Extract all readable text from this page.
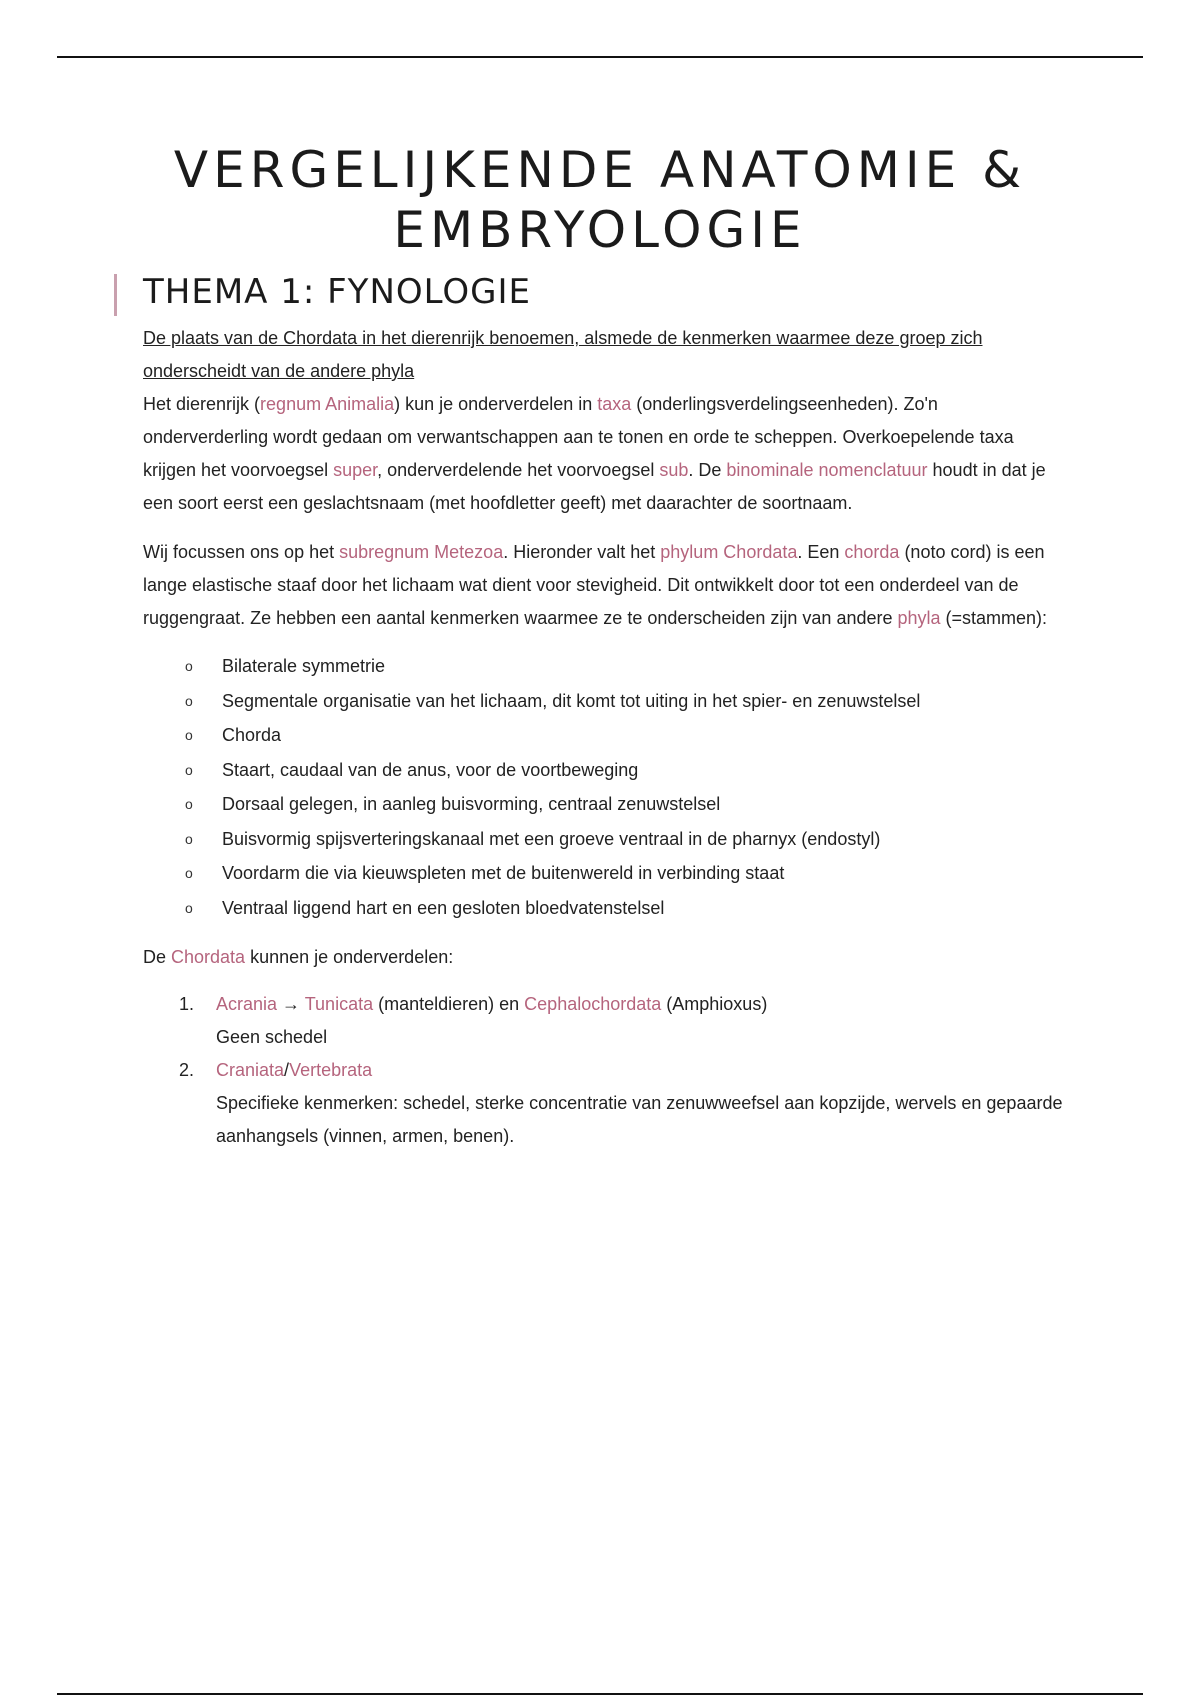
VERGELIJKENDE ANATOMIE &
EMBRYOLOGIE
THEMA 1: FYNOLOGIE

De plaats van de Chordata in het dierenrijk benoemen, alsmede de kenmerken waarmee deze groep zich onderscheidt van de andere phyla

Het dierenrijk (regnum Animalia) kun je onderverdelen in taxa (onderlingsverdelingseenheden). Zo'n onderverderling wordt gedaan om verwantschappen aan te tonen en orde te scheppen. Overkoepelende taxa krijgen het voorvoegsel super, onderverdelende het voorvoegsel sub. De binominale nomenclatuur houdt in dat je een soort eerst een geslachtsnaam (met hoofdletter geeft) met daarachter de soortnaam.

Wij focussen ons op het subregnum Metezoa. Hieronder valt het phylum Chordata. Een chorda (noto cord) is een lange elastische staaf door het lichaam wat dient voor stevigheid. Dit ontwikkelt door tot een onderdeel van de ruggengraat. Ze hebben een aantal kenmerken waarmee ze te onderscheiden zijn van andere phyla (=stammen):

o Bilaterale symmetrie
o Segmentale organisatie van het lichaam, dit komt tot uiting in het spier- en zenuwstelsel
o Chorda
o Staart, caudaal van de anus, voor de voortbeweging
o Dorsaal gelegen, in aanleg buisvorming, centraal zenuwstelsel
o Buisvormig spijsverteringskanaal met een groeve ventraal in de pharnyx (endostyl)
o Voordarm die via kieuwspleten met de buitenwereld in verbinding staat
o Ventraal liggend hart en een gesloten bloedvatenstelsel

De Chordata kunnen je onderverdelen:

1. Acrania → Tunicata (manteldieren) en Cephalochordata (Amphioxus)
Geen schedel
2. Craniata/Vertebrata
Specifieke kenmerken: schedel, sterke concentratie van zenuwweefsel aan kopzijde, wervels en gepaarde aanhangsels (vinnen, armen, benen).
